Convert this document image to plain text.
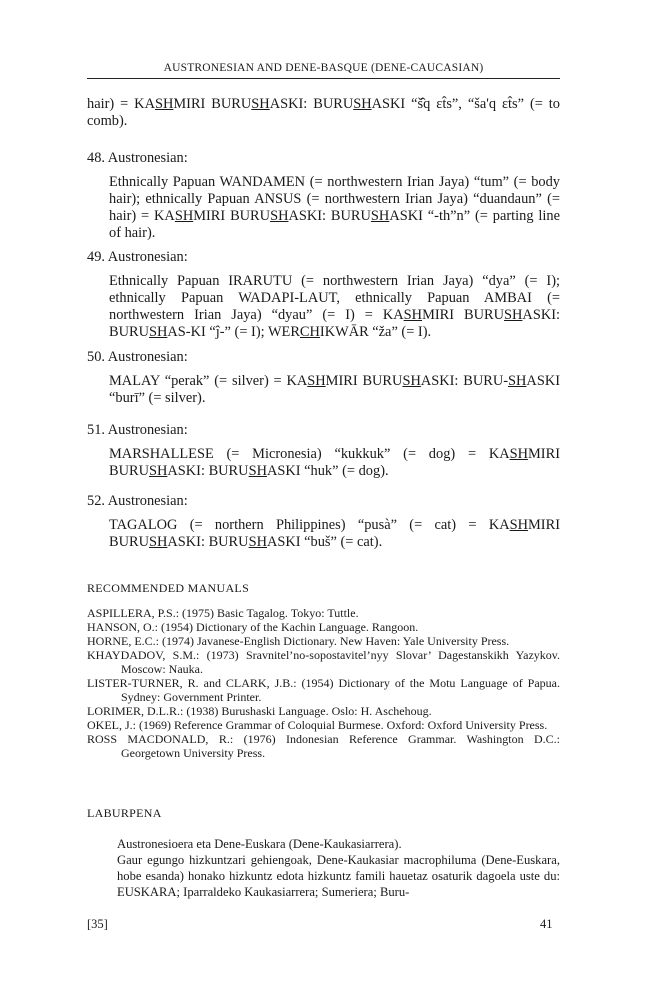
AUSTRONESIAN AND DENE-BASQUE (DENE-CAUCASIAN)
hair) = KASHMIRI BURUSHASKI: BURUSHASKI “š̂q ɛt̂s”, “ša'q ɛt̂s” (= to comb).
48. Austronesian:
Ethnically Papuan WANDAMEN (= northwestern Irian Jaya) “tum” (= body hair); ethnically Papuan ANSUS (= northwestern Irian Jaya) “duandaun” (= hair) = KASHMIRI BURUSHASKI: BURUSHASKI “-th”n” (= parting line of hair).
49. Austronesian:
Ethnically Papuan IRARUTU (= northwestern Irian Jaya) “dya” (= I); ethnically Papuan WADAPI-LAUT, ethnically Papuan AMBAI (= northwestern Irian Jaya) “dyau” (= I) = KASHMIRI BURUSHASKI: BURUSHAS-KI “ĵ-” (= I); WERCHIKWĀR “ža” (= I).
50. Austronesian:
MALAY “perak” (= silver) = KASHMIRI BURUSHASKI: BURU-SHASKI “burī” (= silver).
51. Austronesian:
MARSHALLESE (= Micronesia) “kukkuk” (= dog) = KASHMIRI BURUSHASKI: BURUSHASKI “huk” (= dog).
52. Austronesian:
TAGALOG (= northern Philippines) “pusà” (= cat) = KASHMIRI BURUSHASKI: BURUSHASKI “buš” (= cat).
RECOMMENDED MANUALS

ASPILLERA, P.S.: (1975) Basic Tagalog. Tokyo: Tuttle.

HANSON, O.: (1954) Dictionary of the Kachin Language. Rangoon.

HORNE, E.C.: (1974) Javanese-English Dictionary. New Haven: Yale University Press.

KHAYDADOV, S.M.: (1973) Sravnitel’no-sopostavitel’nyy Slovar’ Dagestanskikh Yazykov. Moscow: Nauka.

LISTER-TURNER, R. and CLARK, J.B.: (1954) Dictionary of the Motu Language of Papua. Sydney: Government Printer.

LORIMER, D.L.R.: (1938) Burushaski Language. Oslo: H. Aschehoug.

OKEL, J.: (1969) Reference Grammar of Coloquial Burmese. Oxford: Oxford University Press.

ROSS MACDONALD, R.: (1976) Indonesian Reference Grammar. Washington D.C.: Georgetown University Press.

LABURPENA

Austronesioera eta Dene-Euskara (Dene-Kaukasiarrera).

Gaur egungo hizkuntzari gehiengoak, Dene-Kaukasiar macrophiluma (Dene-Euskara, hobe esanda) honako hizkuntz edota hizkuntz famili hauetaz osaturik dagoela uste du: EUSKARA; Iparraldeko Kaukasiarrera; Sumeriera; Buru-

[35]	41
